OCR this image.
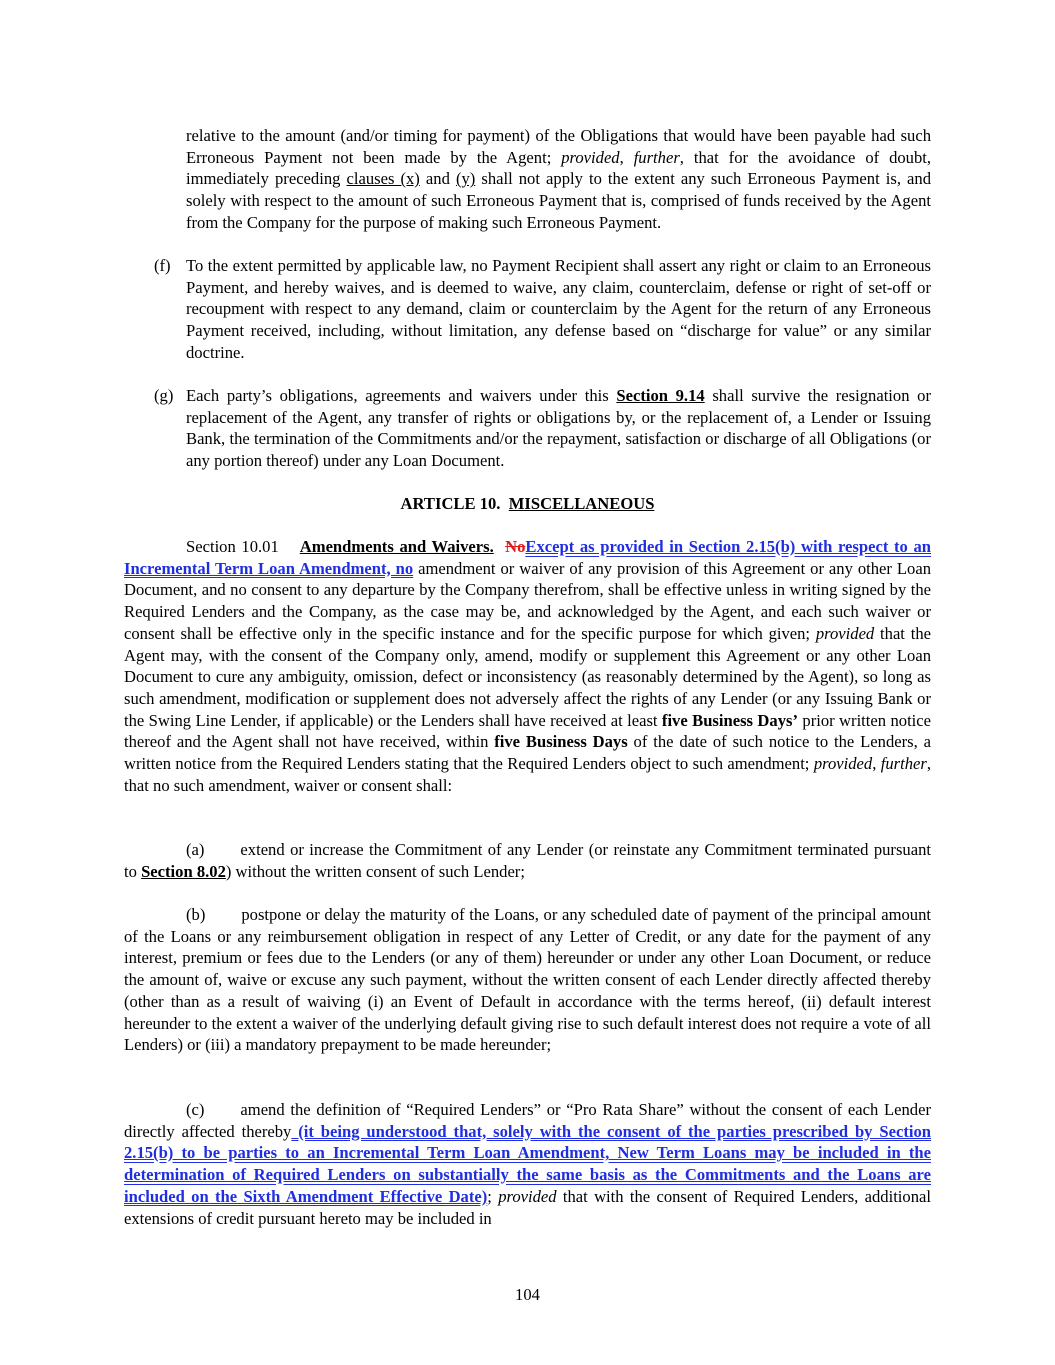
relative to the amount (and/or timing for payment) of the Obligations that would have been payable had such Erroneous Payment not been made by the Agent; provided, further, that for the avoidance of doubt, immediately preceding clauses (x) and (y) shall not apply to the extent any such Erroneous Payment is, and solely with respect to the amount of such Erroneous Payment that is, comprised of funds received by the Agent from the Company for the purpose of making such Erroneous Payment.

(f) To the extent permitted by applicable law, no Payment Recipient shall assert any right or claim to an Erroneous Payment, and hereby waives, and is deemed to waive, any claim, counterclaim, defense or right of set-off or recoupment with respect to any demand, claim or counterclaim by the Agent for the return of any Erroneous Payment received, including, without limitation, any defense based on “discharge for value” or any similar doctrine.

(g) Each party’s obligations, agreements and waivers under this Section 9.14 shall survive the resignation or replacement of the Agent, any transfer of rights or obligations by, or the replacement of, a Lender or Issuing Bank, the termination of the Commitments and/or the repayment, satisfaction or discharge of all Obligations (or any portion thereof) under any Loan Document.

ARTICLE 10. MISCELLANEOUS

Section 10.01 Amendments and Waivers. NoExcept as provided in Section 2.15(b) with respect to an Incremental Term Loan Amendment, no amendment or waiver of any provision of this Agreement or any other Loan Document, and no consent to any departure by the Company therefrom, shall be effective unless in writing signed by the Required Lenders and the Company, as the case may be, and acknowledged by the Agent, and each such waiver or consent shall be effective only in the specific instance and for the specific purpose for which given; provided that the Agent may, with the consent of the Company only, amend, modify or supplement this Agreement or any other Loan Document to cure any ambiguity, omission, defect or inconsistency (as reasonably determined by the Agent), so long as such amendment, modification or supplement does not adversely affect the rights of any Lender (or any Issuing Bank or the Swing Line Lender, if applicable) or the Lenders shall have received at least five Business Days’ prior written notice thereof and the Agent shall not have received, within five Business Days of the date of such notice to the Lenders, a written notice from the Required Lenders stating that the Required Lenders object to such amendment; provided, further, that no such amendment, waiver or consent shall:

(a) extend or increase the Commitment of any Lender (or reinstate any Commitment terminated pursuant to Section 8.02) without the written consent of such Lender;

(b) postpone or delay the maturity of the Loans, or any scheduled date of payment of the principal amount of the Loans or any reimbursement obligation in respect of any Letter of Credit, or any date for the payment of any interest, premium or fees due to the Lenders (or any of them) hereunder or under any other Loan Document, or reduce the amount of, waive or excuse any such payment, without the written consent of each Lender directly affected thereby (other than as a result of waiving (i) an Event of Default in accordance with the terms hereof, (ii) default interest hereunder to the extent a waiver of the underlying default giving rise to such default interest does not require a vote of all Lenders) or (iii) a mandatory prepayment to be made hereunder;

(c) amend the definition of “Required Lenders” or “Pro Rata Share” without the consent of each Lender directly affected thereby (it being understood that, solely with the consent of the parties prescribed by Section 2.15(b) to be parties to an Incremental Term Loan Amendment, New Term Loans may be included in the determination of Required Lenders on substantially the same basis as the Commitments and the Loans are included on the Sixth Amendment Effective Date); provided that with the consent of Required Lenders, additional extensions of credit pursuant hereto may be included in

104
